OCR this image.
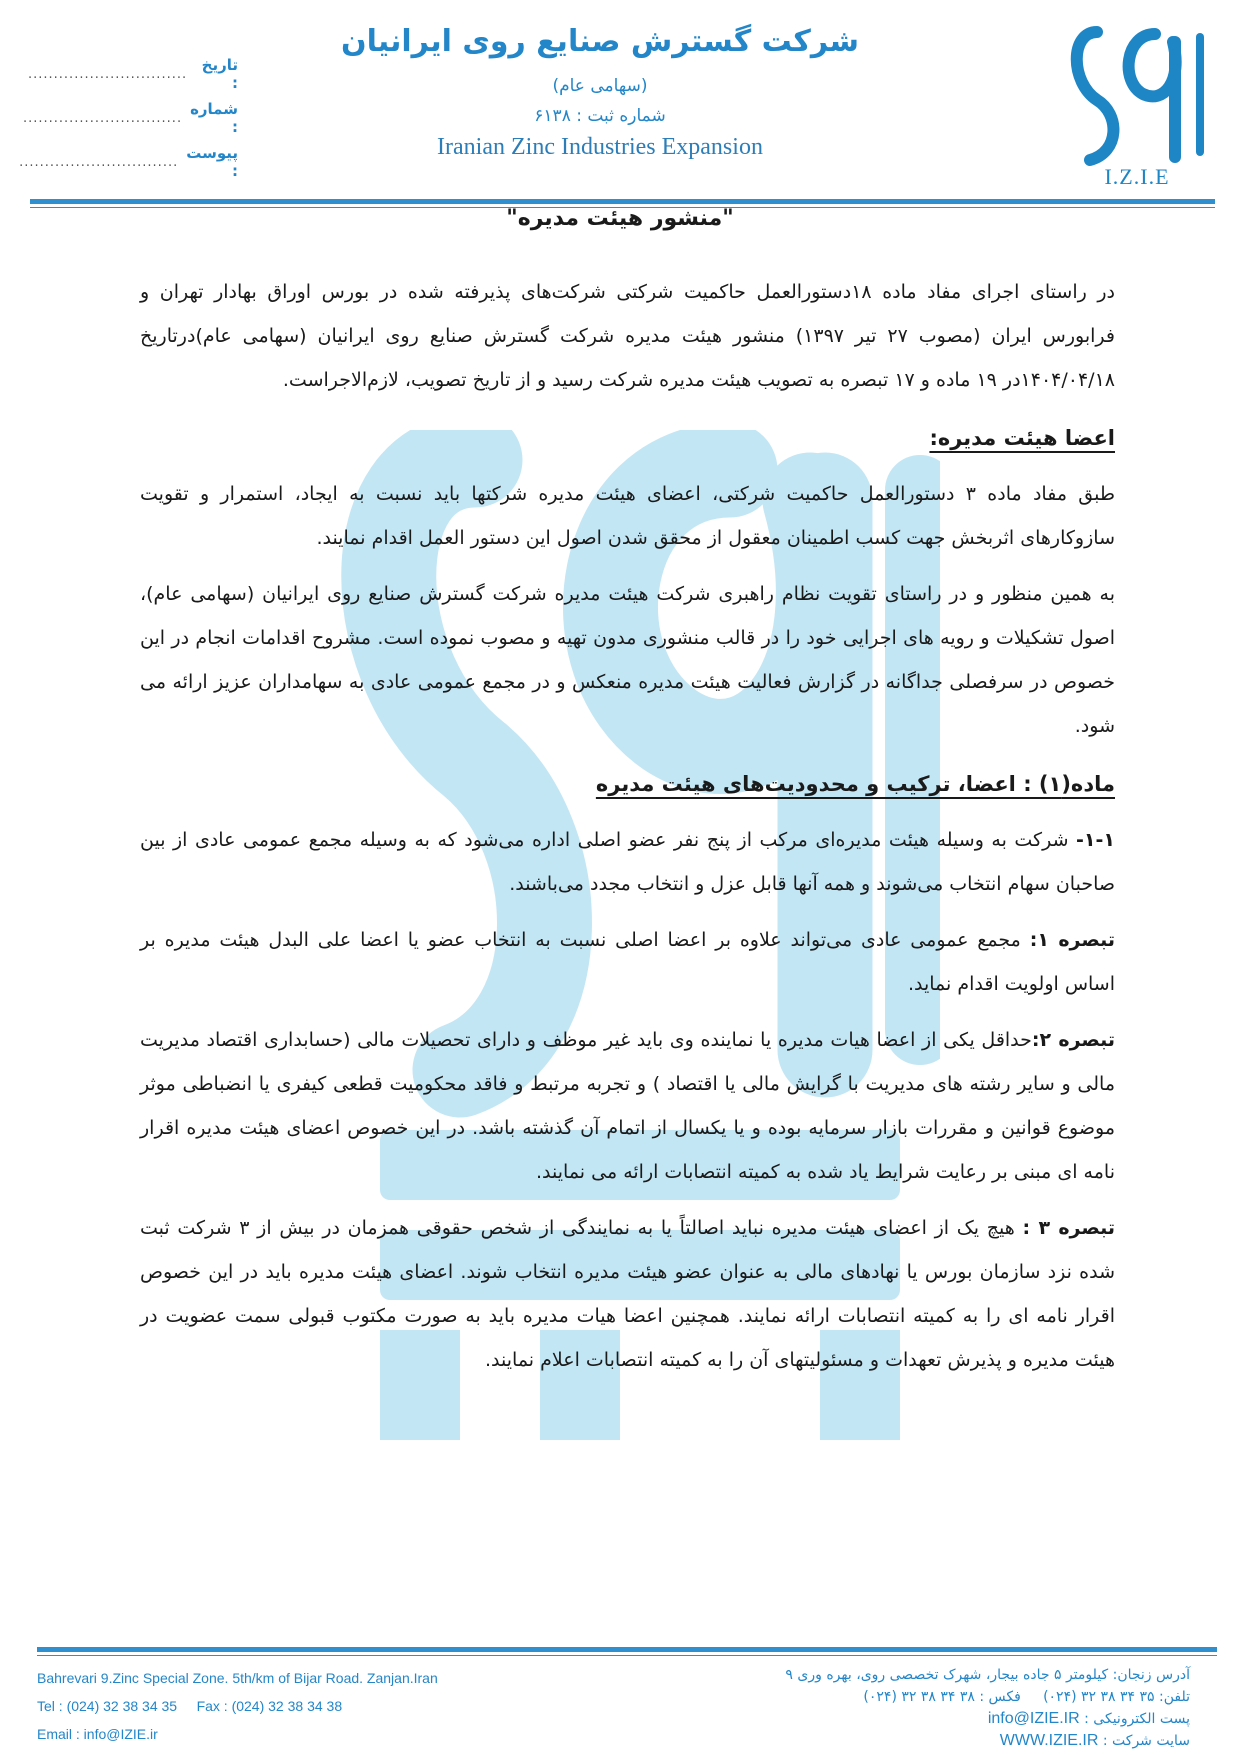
I.Z.I.E
شرکت گسترش صنایع روی ایرانیان
(سهامی عام)
شماره ثبت : ۶۱۳۸
Iranian Zinc Industries Expansion
............................... تاریخ :
............................... شماره :
............................... پیوست :
"منشور هیئت مدیره"

در راستای اجرای مفاد ماده ۱۸دستورالعمل حاکمیت شرکتی شرکت‌های پذیرفته شده در بورس اوراق بهادار تهران و فرابورس ایران (مصوب ۲۷ تیر ۱۳۹۷) منشور هیئت مدیره شرکت گسترش صنایع روی ایرانیان (سهامی عام)درتاریخ ۱۴۰۴/۰۴/۱۸در ۱۹ ماده و ۱۷ تبصره به تصویب هیئت مدیره شرکت رسید و از تاریخ تصویب، لازم‌الاجراست.

اعضا هیئت مدیره:

طبق مفاد ماده ۳ دستورالعمل حاکمیت شرکتی، اعضای هیئت مدیره شرکتها باید نسبت به ایجاد، استمرار و تقویت سازوکارهای اثربخش جهت کسب اطمینان معقول از محقق شدن اصول این دستور العمل اقدام نمایند.

به همین منظور و در راستای تقویت نظام راهبری شرکت هیئت مدیره شرکت گسترش صنایع روی ایرانیان (سهامی عام)، اصول تشکیلات و رویه های اجرایی خود را در قالب منشوری مدون تهیه و مصوب نموده است. مشروح اقدامات انجام در این خصوص در سرفصلی جداگانه در گزارش فعالیت هیئت مدیره منعکس و در مجمع عمومی عادی به سهامداران عزیز ارائه می شود.

ماده(۱) : اعضا، ترکیب و محدودیت‌های هیئت مدیره

۱-۱- شرکت به وسیله هیئت مدیره‌ای مرکب از پنج نفر عضو اصلی اداره می‌شود که به وسیله مجمع عمومی عادی از بین صاحبان سهام انتخاب می‌شوند و همه آنها قابل عزل و انتخاب مجدد می‌باشند.

تبصره ۱: مجمع عمومی عادی می‌تواند علاوه بر اعضا اصلی نسبت به انتخاب عضو یا اعضا علی البدل هیئت مدیره بر اساس اولویت اقدام نماید.

تبصره ۲:حداقل یکی از اعضا هیات مدیره یا نماینده وی باید غیر موظف و دارای تحصیلات مالی (حسابداری اقتصاد مدیریت مالی و سایر رشته های مدیریت با گرایش مالی یا اقتصاد ) و تجربه مرتبط و فاقد محکومیت قطعی کیفری یا انضباطی موثر موضوع قوانین و مقررات بازار سرمایه بوده و یا یکسال از اتمام آن گذشته باشد. در این خصوص اعضای هیئت مدیره اقرار نامه ای مبنی بر رعایت شرایط یاد شده به کمیته انتصابات ارائه می نمایند.

تبصره ۳ : هیچ یک از اعضای هیئت مدیره نباید اصالتاً یا به نمایندگی از شخص حقوقی همزمان در بیش از ۳ شرکت ثبت شده نزد سازمان بورس یا نهادهای مالی به عنوان عضو هیئت مدیره انتخاب شوند. اعضای هیئت مدیره باید در این خصوص اقرار نامه ای را به کمیته انتصابات ارائه نمایند. همچنین اعضا هیات مدیره باید به صورت مکتوب قبولی سمت عضویت در هیئت مدیره و پذیرش تعهدات و مسئولیتهای آن را به کمیته انتصابات اعلام نمایند.

Bahrevari 9.Zinc Special Zone. 5th/km of Bijar Road. Zanjan.Iran
Tel : (024) 32 38 34 35 Fax : (024) 32 38 34 38
Email : info@IZIE.ir
آدرس زنجان: کیلومتر ۵ جاده بیجار، شهرک تخصصی روی، بهره وری ۹
تلفن: ۳۵ ۳۴ ۳۸ ۳۲ (۰۲۴)     فکس : ۳۸ ۳۴ ۳۸ ۳۲ (۰۲۴)
پست الکترونیکی : info@IZIE.IR
سایت شرکت : WWW.IZIE.IR
